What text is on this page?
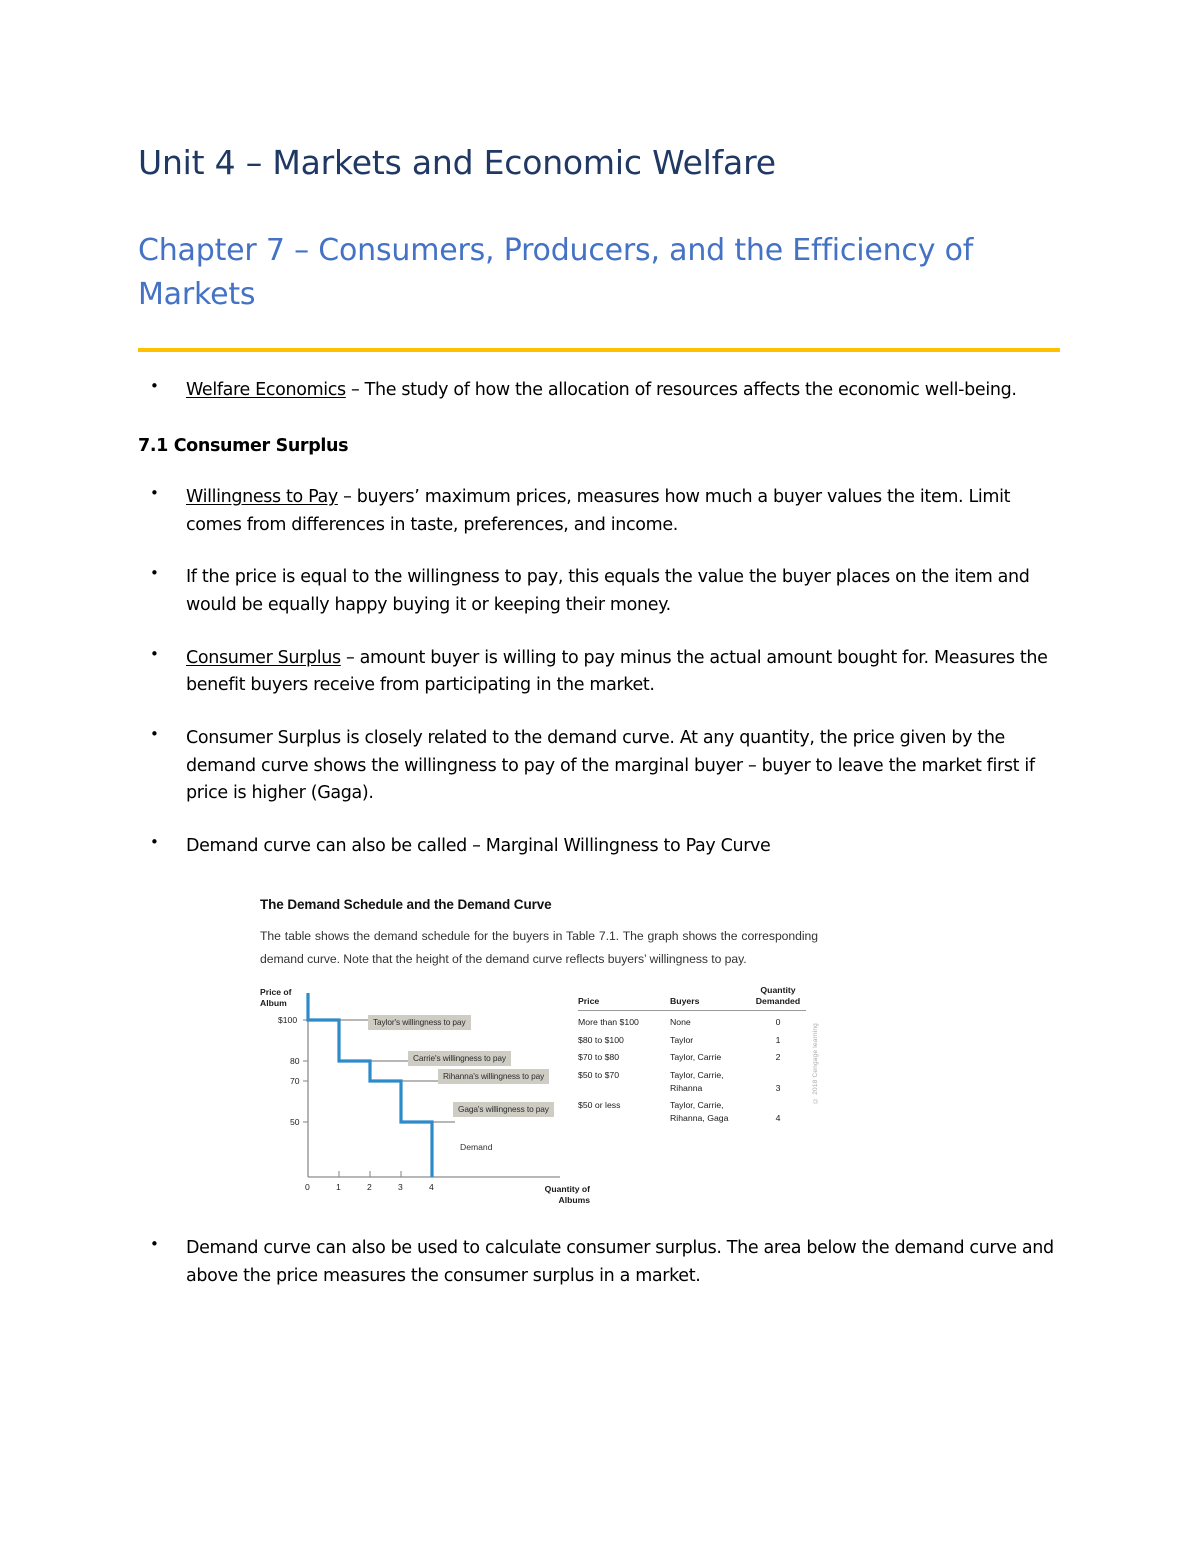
Unit 4 – Markets and Economic Welfare
Chapter 7 – Consumers, Producers, and the Efficiency of Markets
• Welfare Economics – The study of how the allocation of resources affects the economic well-being.
7.1 Consumer Surplus
• Willingness to Pay – buyers’ maximum prices, measures how much a buyer values the item. Limit comes from differences in taste, preferences, and income.
• If the price is equal to the willingness to pay, this equals the value the buyer places on the item and would be equally happy buying it or keeping their money.
• Consumer Surplus – amount buyer is willing to pay minus the actual amount bought for. Measures the benefit buyers receive from participating in the market.
• Consumer Surplus is closely related to the demand curve. At any quantity, the price given by the demand curve shows the willingness to pay of the marginal buyer – buyer to leave the market first if price is higher (Gaga).
• Demand curve can also be called – Marginal Willingness to Pay Curve
The Demand Schedule and the Demand Curve
The table shows the demand schedule for the buyers in Table 7.1. The graph shows the corresponding demand curve. Note that the height of the demand curve reflects buyers’ willingness to pay.
Price of
Album
$100
80
70
50
0	1	2	3	4
Taylor's willingness to pay
Carrie's willingness to pay
Rihanna's willingness to pay
Gaga's willingness to pay
Demand
Quantity of
Albums
Price	Buyers	Quantity
Demanded

More than $100	None	0
$80 to $100	Taylor	1
$70 to $80	Taylor, Carrie	2
$50 to $70	Taylor, Carrie, Rihanna	3
$50 or less	Taylor, Carrie, Rihanna, Gaga	4
© 2018 Cengage learning
• Demand curve can also be used to calculate consumer surplus. The area below the demand curve and above the price measures the consumer surplus in a market.
